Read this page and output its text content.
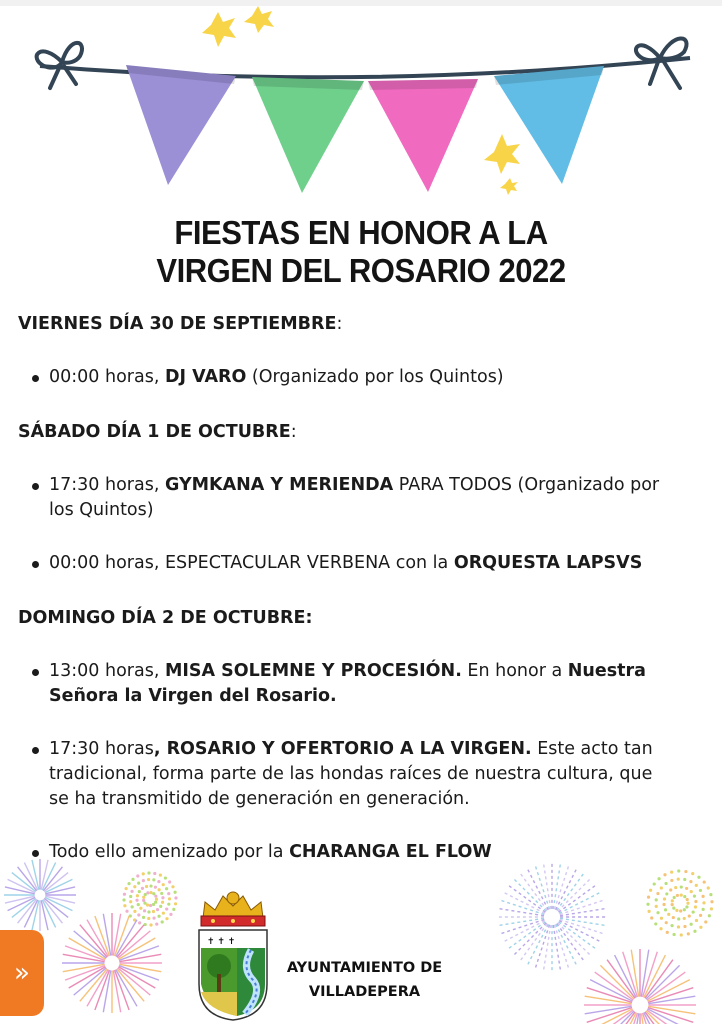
FIESTAS EN HONOR A LA
VIRGEN DEL ROSARIO 2022
VIERNES DÍA 30 DE SEPTIEMBRE:
00:00 horas, DJ VARO (Organizado por los Quintos)
SÁBADO DÍA 1 DE OCTUBRE:
17:30 horas, GYMKANA Y MERIENDA PARA TODOS (Organizado por los Quintos)
00:00 horas, ESPECTACULAR VERBENA con la ORQUESTA LAPSVS
DOMINGO DÍA 2 DE OCTUBRE:
13:00 horas, MISA SOLEMNE Y PROCESIÓN. En honor a Nuestra Señora la Virgen del Rosario.
17:30 horas, ROSARIO Y OFERTORIO A LA VIRGEN. Este acto tan tradicional, forma parte de las hondas raíces de nuestra cultura, que se ha transmitido de generación en generación.
Todo ello amenizado por la CHARANGA EL FLOW
✝ ✝ ✝
AYUNTAMIENTO DE
VILLADEPERA
»
